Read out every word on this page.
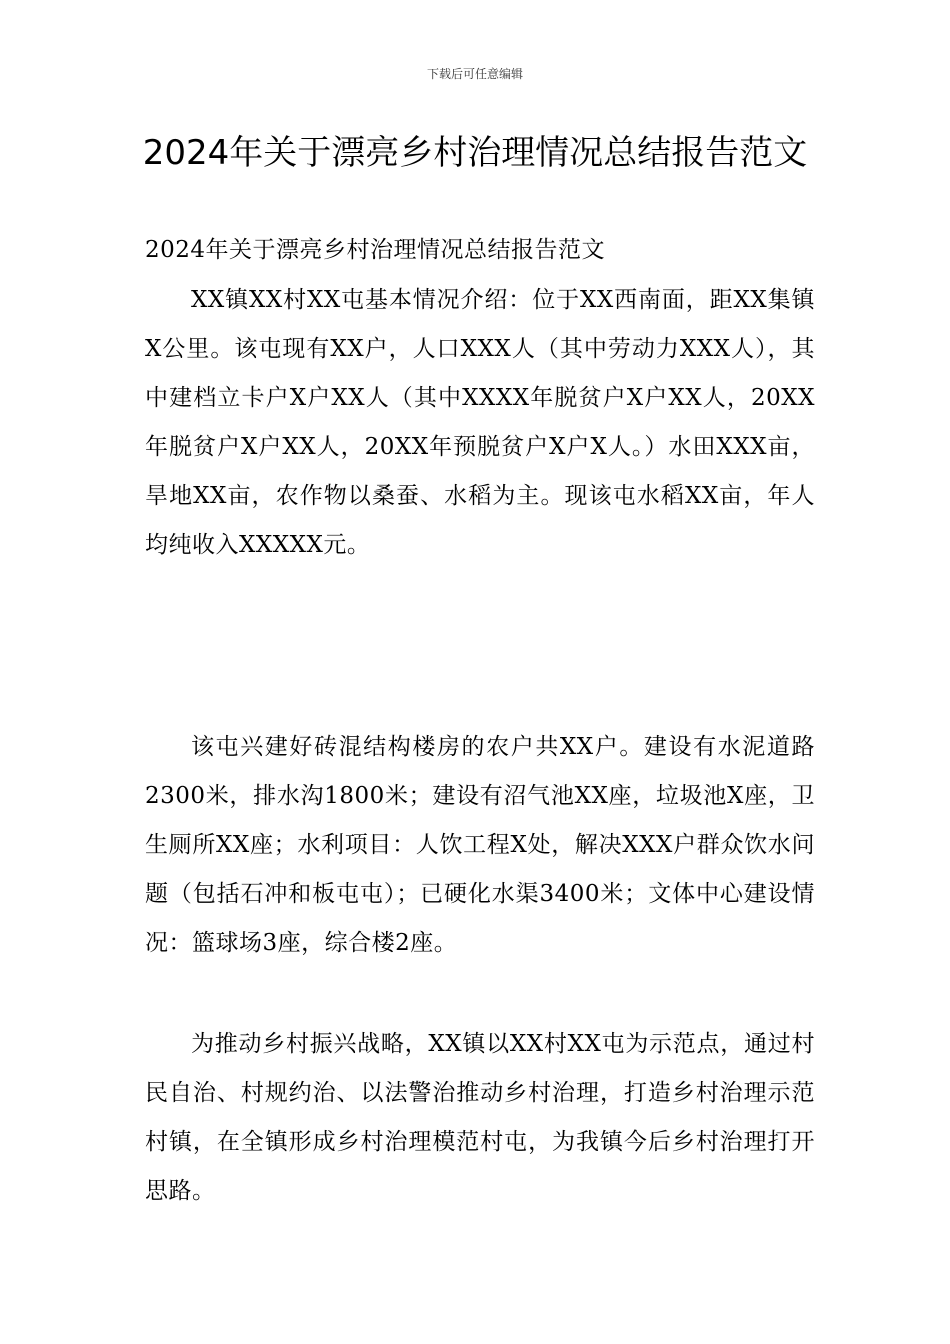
下载后可任意编辑
2024年关于漂亮乡村治理情况总结报告范文

2024年关于漂亮乡村治理情况总结报告范文

XX镇XX村XX屯基本情况介绍：位于XX西南面，距XX集镇X公里。该屯现有XX户，人口XXX人（其中劳动力XXX人），其中建档立卡户X户XX人（其中XXXX年脱贫户X户XX人，20XX年脱贫户X户XX人，20XX年预脱贫户X户X人。）水田XXX亩，旱地XX亩，农作物以桑蚕、水稻为主。现该屯水稻XX亩，年人均纯收入XXXXX元。

该屯兴建好砖混结构楼房的农户共XX户。建设有水泥道路2300米，排水沟1800米；建设有沼气池XX座，垃圾池X座，卫生厕所XX座；水利项目：人饮工程X处，解决XXX户群众饮水问题（包括石冲和板屯屯）；已硬化水渠3400米；文体中心建设情况：篮球场3座，综合楼2座。

为推动乡村振兴战略，XX镇以XX村XX屯为示范点，通过村民自治、村规约治、以法警治推动乡村治理，打造乡村治理示范村镇，在全镇形成乡村治理模范村屯，为我镇今后乡村治理打开思路。
